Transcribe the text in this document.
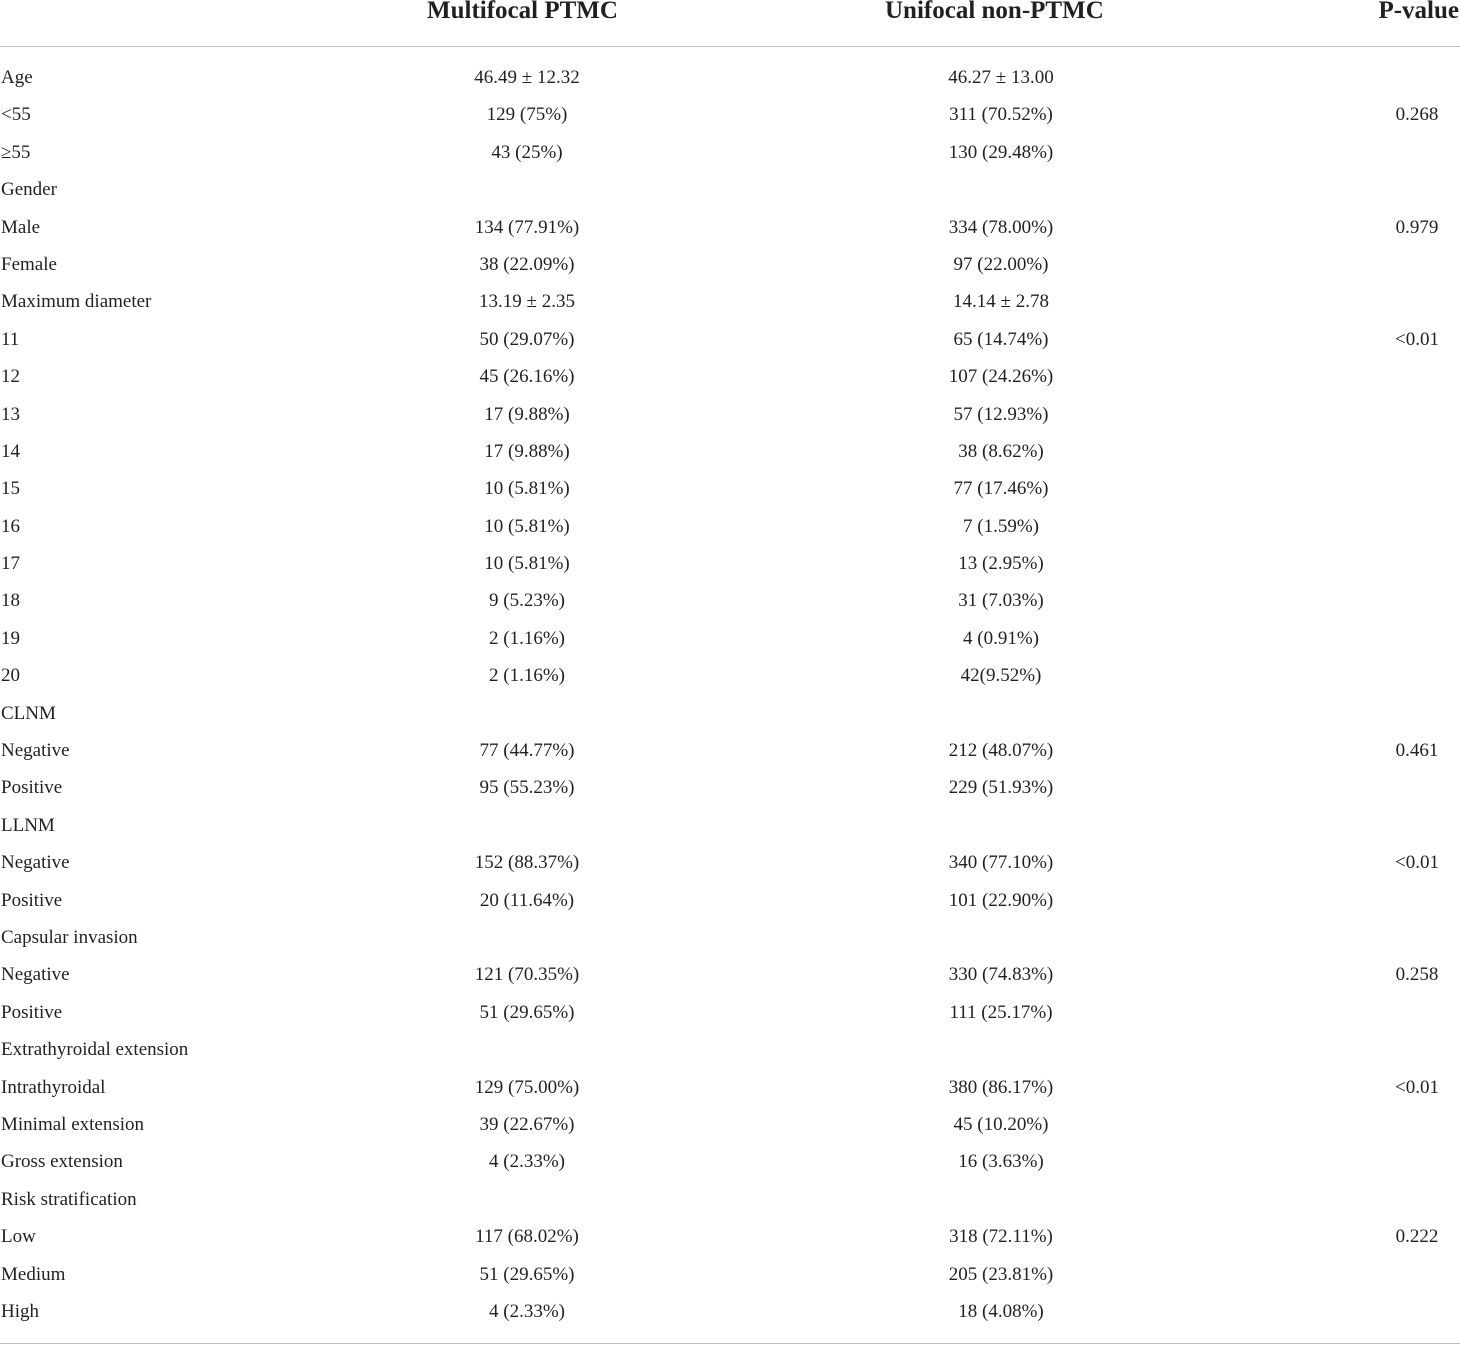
Multifocal PTMC	Unifocal non-PTMC	P-value
Age	46.49 ± 12.32	46.27 ± 13.00
<55	129 (75%)	311 (70.52%)	0.268
≥55	43 (25%)	130 (29.48%)
Gender
Male	134 (77.91%)	334 (78.00%)	0.979
Female	38 (22.09%)	97 (22.00%)
Maximum diameter	13.19 ± 2.35	14.14 ± 2.78
11	50 (29.07%)	65 (14.74%)	<0.01
12	45 (26.16%)	107 (24.26%)
13	17 (9.88%)	57 (12.93%)
14	17 (9.88%)	38 (8.62%)
15	10 (5.81%)	77 (17.46%)
16	10 (5.81%)	7 (1.59%)
17	10 (5.81%)	13 (2.95%)
18	9 (5.23%)	31 (7.03%)
19	2 (1.16%)	4 (0.91%)
20	2 (1.16%)	42(9.52%)
CLNM
Negative	77 (44.77%)	212 (48.07%)	0.461
Positive	95 (55.23%)	229 (51.93%)
LLNM
Negative	152 (88.37%)	340 (77.10%)	<0.01
Positive	20 (11.64%)	101 (22.90%)
Capsular invasion
Negative	121 (70.35%)	330 (74.83%)	0.258
Positive	51 (29.65%)	111 (25.17%)
Extrathyroidal extension
Intrathyroidal	129 (75.00%)	380 (86.17%)	<0.01
Minimal extension	39 (22.67%)	45 (10.20%)
Gross extension	4 (2.33%)	16 (3.63%)
Risk stratification
Low	117 (68.02%)	318 (72.11%)	0.222
Medium	51 (29.65%)	205 (23.81%)
High	4 (2.33%)	18 (4.08%)
